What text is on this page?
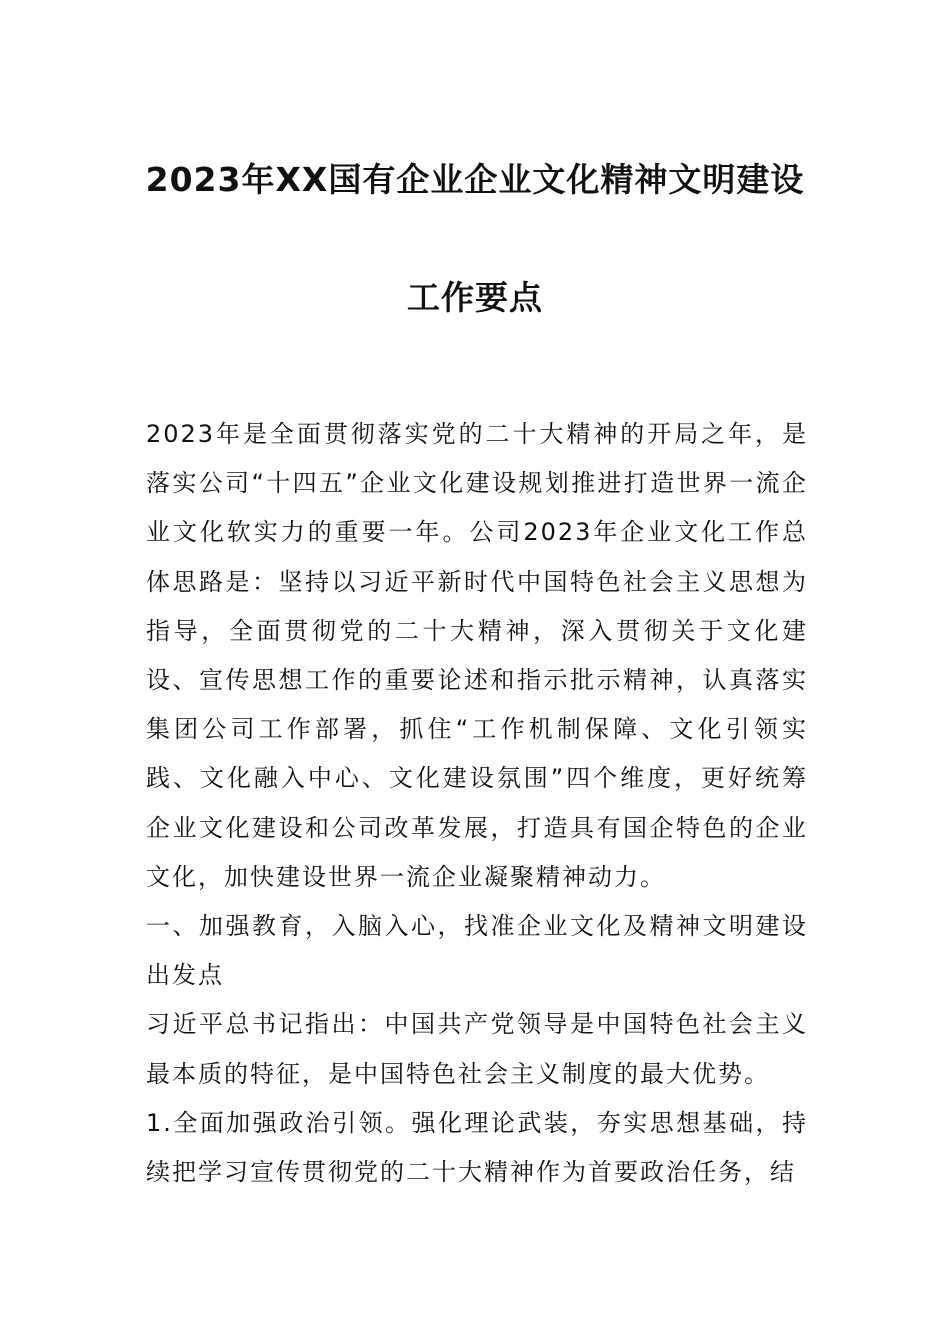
2023年XX国有企业企业文化精神文明建设
工作要点

2023年是全面贯彻落实党的二十大精神的开局之年，是落实公司“十四五”企业文化建设规划推进打造世界一流企业文化软实力的重要一年。公司2023年企业文化工作总体思路是：坚持以习近平新时代中国特色社会主义思想为指导，全面贯彻党的二十大精神，深入贯彻关于文化建设、宣传思想工作的重要论述和指示批示精神，认真落实集团公司工作部署，抓住“工作机制保障、文化引领实践、文化融入中心、文化建设氛围”四个维度，更好统筹企业文化建设和公司改革发展，打造具有国企特色的企业文化，加快建设世界一流企业凝聚精神动力。

一、加强教育，入脑入心，找准企业文化及精神文明建设出发点

习近平总书记指出：中国共产党领导是中国特色社会主义最本质的特征，是中国特色社会主义制度的最大优势。

1.全面加强政治引领。强化理论武装，夯实思想基础，持续把学习宣传贯彻党的二十大精神作为首要政治任务，结
